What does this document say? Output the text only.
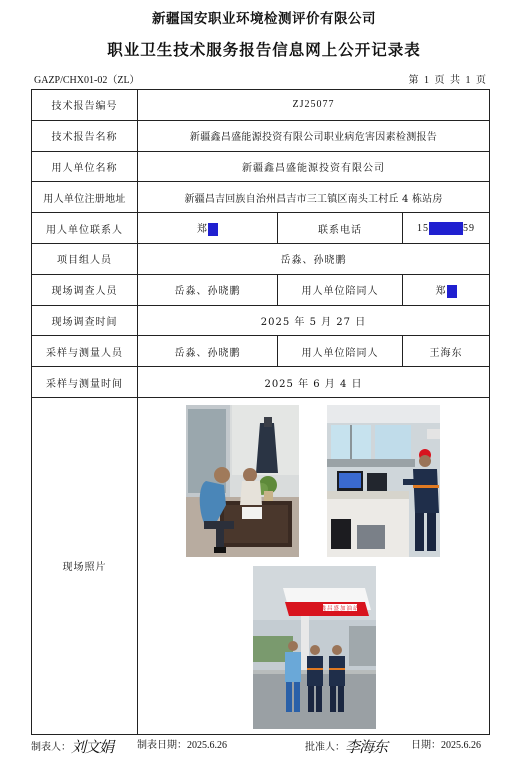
新疆国安职业环境检测评价有限公司
职业卫生技术服务报告信息网上公开记录表
GAZP/CHX01-02（ZL）	第 1 页 共 1 页
技术报告编号	ZJ25077		
技术报告名称	新疆鑫昌盛能源投资有限公司职业病危害因素检测报告		
用人单位名称	新疆鑫昌盛能源投资有限公司		
用人单位注册地址	新疆昌吉回族自治州昌吉市三工镇区南头工村丘 4 栋站房		
用人单位联系人	郑	联系电话	15 59
项目组人员	岳淼、孙晓鹏		
现场调查人员	岳淼、孙晓鹏	用人单位陪同人	郑
现场调查时间	2025 年 5 月 27 日		
采样与测量人员	岳淼、孙晓鹏	用人单位陪同人	王海东
采样与测量时间	2025 年 6 月 4 日		
现场照片	鑫昌盛加油站		
制表人：刘文娟 制表日期：2025.6.26	批准人：李海东 日期：2025.6.26
